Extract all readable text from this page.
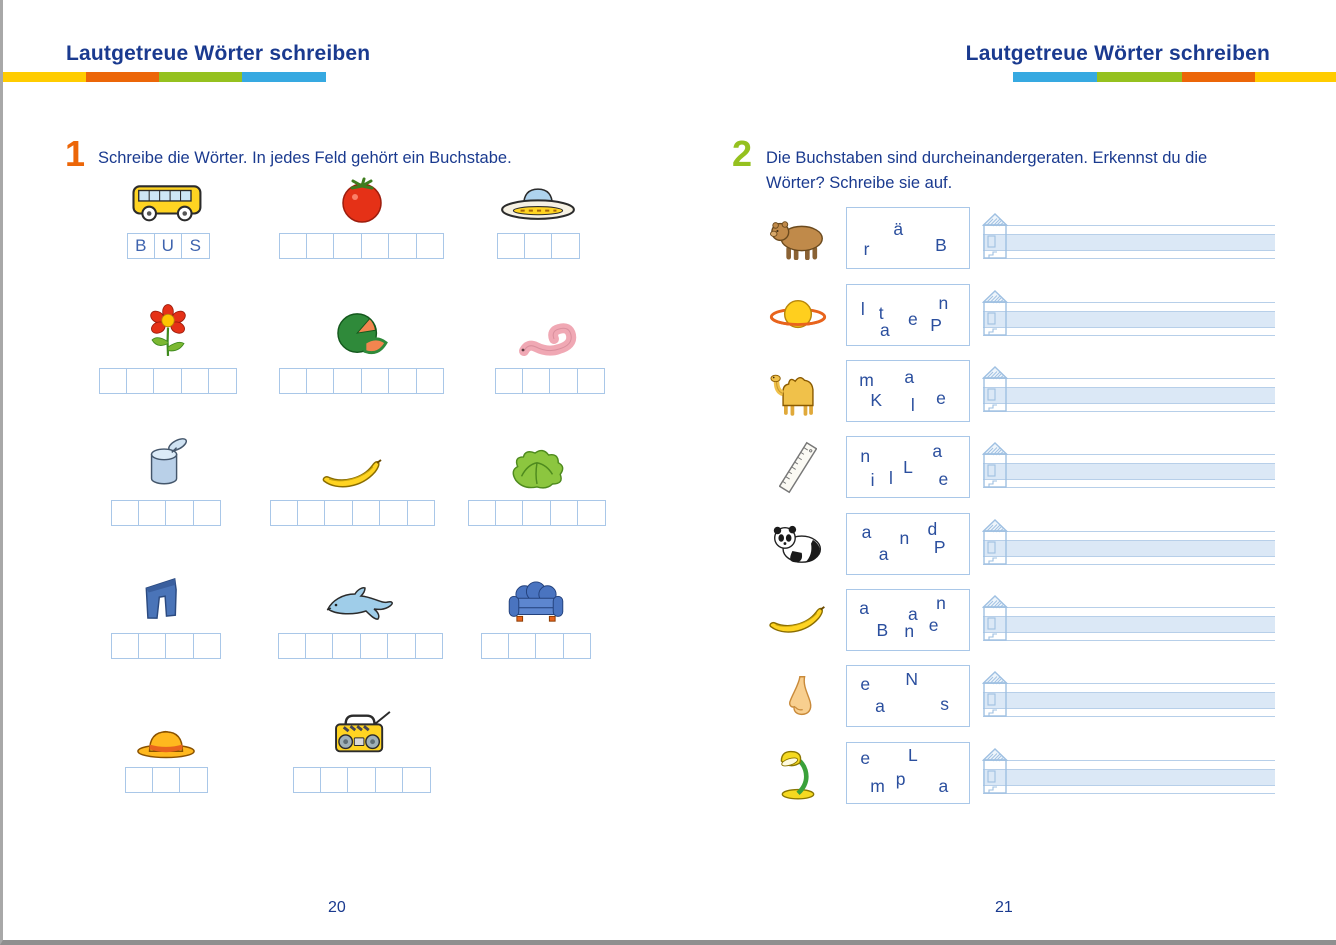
Lautgetreue Wörter schreiben	Lautgetreue Wörter schreiben
1 Schreibe die Wörter. In jedes Feld gehört ein Buchstabe.	2 Die Buchstaben sind durcheinandergeraten. Erkennst du die Wörter? Schreibe sie auf.
B U S
ä
r	B
l t
n
e
a P
m a
K l e
n	a
L
i l	e
a n d
a	P
a a
n
B n e
e N
a	s
e L
m p a
20	21
